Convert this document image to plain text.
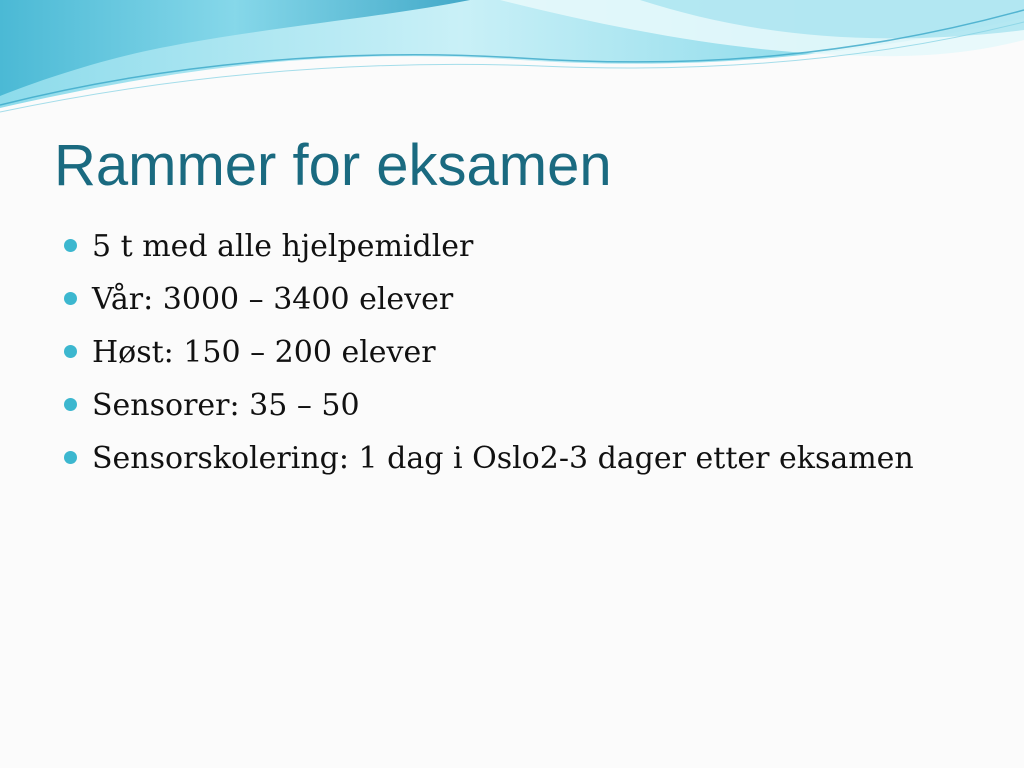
Rammer for eksamen
5 t med alle hjelpemidler
Vår: 3000 – 3400 elever
Høst: 150 – 200 elever
Sensorer: 35 – 50
Sensorskolering: 1 dag i Oslo2-3 dager etter eksamen
